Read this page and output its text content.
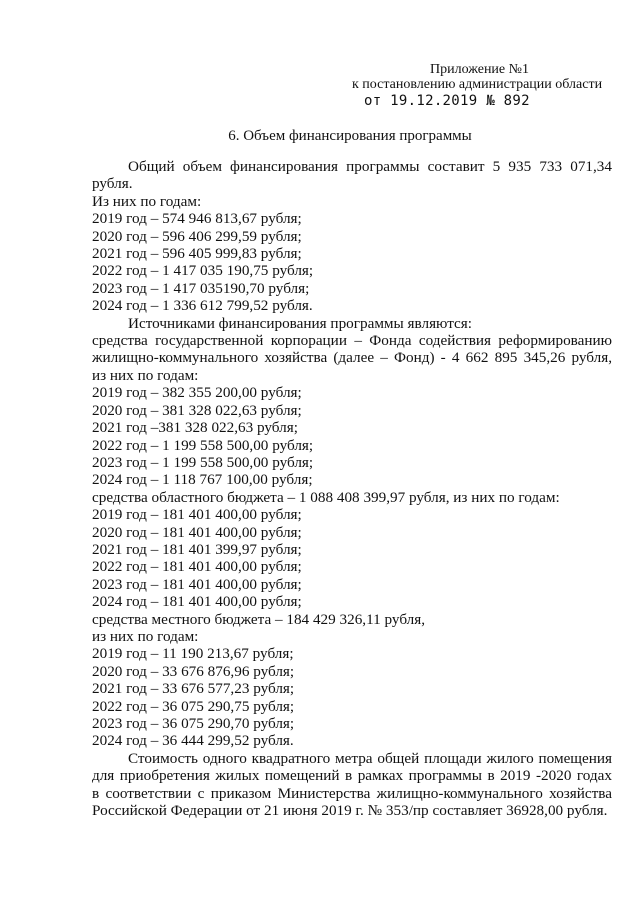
Приложение №1
к постановлению администрации области
от 19.12.2019 № 892
6. Объем финансирования программы

Общий объем финансирования программы составит 5 935 733 071,34

рубля.

Из них по годам:

2019 год – 574 946 813,67 рубля;

2020 год – 596 406 299,59 рубля;

2021 год – 596 405 999,83 рубля;

2022 год – 1 417 035 190,75 рубля;

2023 год – 1 417 035190,70 рубля;

2024 год – 1 336 612 799,52 рубля.

Источниками финансирования программы являются:

средства государственной корпорации – Фонда содействия реформированию

жилищно-коммунального хозяйства (далее – Фонд) - 4 662 895 345,26 рубля,

из них по годам:

2019 год – 382 355 200,00 рубля;

2020 год – 381 328 022,63 рубля;

2021 год –381 328 022,63 рубля;

2022 год – 1 199 558 500,00 рубля;

2023 год – 1 199 558 500,00 рубля;

2024 год – 1 118 767 100,00 рубля;

средства областного бюджета – 1 088 408 399,97 рубля, из них по годам:

2019 год – 181 401 400,00 рубля;

2020 год – 181 401 400,00 рубля;

2021 год – 181 401 399,97 рубля;

2022 год – 181 401 400,00 рубля;

2023 год – 181 401 400,00 рубля;

2024 год – 181 401 400,00 рубля;

средства местного бюджета – 184 429 326,11 рубля,

из них по годам:

2019 год – 11 190 213,67 рубля;

2020 год – 33 676 876,96 рубля;

2021 год – 33 676 577,23 рубля;

2022 год – 36 075 290,75 рубля;

2023 год – 36 075 290,70 рубля;

2024 год – 36 444 299,52 рубля.

Стоимость одного квадратного метра общей площади жилого помещения

для приобретения жилых помещений в рамках программы в 2019 -2020 годах

в соответствии с приказом Министерства жилищно-коммунального хозяйства

Российской Федерации от 21 июня 2019 г. № 353/пр составляет 36928,00 рубля.
